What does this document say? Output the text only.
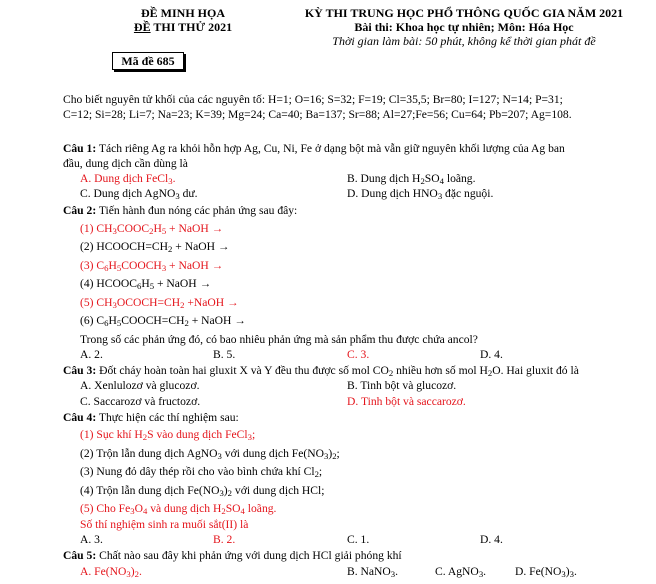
ĐỀ MINH HỌA
ĐỀ THI THỬ 2021
KỲ THI TRUNG HỌC PHỔ THÔNG QUỐC GIA NĂM 2021
Bài thi: Khoa học tự nhiên; Môn: Hóa Học
Thời gian làm bài: 50 phút, không kể thời gian phát đề
Mã đề 685
Cho biết nguyên tử khối của các nguyên tố: H=1; O=16; S=32; F=19; Cl=35,5; Br=80; I=127; N=14; P=31;
C=12; Si=28; Li=7; Na=23; K=39; Mg=24; Ca=40; Ba=137; Sr=88; Al=27;Fe=56; Cu=64; Pb=207; Ag=108.
Câu 1: Tách riêng Ag ra khỏi hỗn hợp Ag, Cu, Ni, Fe ở dạng bột mà vẫn giữ nguyên khối lượng của Ag ban
đầu, dung dịch cần dùng là
A. Dung dịch FeCl$_3$.	B. Dung dịch $H_2SO_4$ loãng.
C. Dung dịch AgNO$_3$ dư.	D. Dung dịch $HNO_3$ đặc nguội.
Câu 2: Tiến hành đun nóng các phản ứng sau đây:
(1) $CH_3COOC_2H_5$ + NaOH →
(2) $HCOOCH=CH_2$ + NaOH →
(3) $C_6H_5COOCH_3$ + NaOH →
(4) $HCOOC_6H_5$ + NaOH →
(5) $CH_3OCOCH=CH_2$ +NaOH →
(6) $C_6H_5COOCH=CH_2$ + NaOH →
Trong số các phản ứng đó, có bao nhiêu phản ứng mà sản phẩm thu được chứa ancol?
A. 2.	B. 5.	C. 3.	D. 4.
Câu 3: Đốt cháy hoàn toàn hai gluxit X và Y đều thu được số mol $CO_2$ nhiều hơn số mol $H_2O$. Hai gluxit đó là
A. Xenlulozơ và glucozơ.	B. Tinh bột và glucozơ.
C. Saccarozơ và fructozơ.	D. Tinh bột và saccarozơ.
Câu 4: Thực hiện các thí nghiệm sau:
(1) Sục khí $H_2S$ vào dung dịch FeCl$_3$;
(2) Trộn lẫn dung dịch AgNO$_3$ với dung dịch $Fe(NO_3)_2$;
(3) Nung đỏ dây thép rồi cho vào bình chứa khí $Cl_2$;
(4) Trộn lẫn dung dịch $Fe(NO_3)_2$ với dung dịch HCl;
(5) Cho $Fe_3O_4$ và dung dịch $H_2SO_4$ loãng.
Số thí nghiệm sinh ra muối sắt(II) là
A. 3.	B. 2.	C. 1.	D. 4.
Câu 5: Chất nào sau đây khi phản ứng với dung dịch HCl giải phóng khí
A. $Fe(NO_3)_2$.	B. NaNO$_3$.	C. AgNO$_3$. D. $Fe(NO_3)_3$.
